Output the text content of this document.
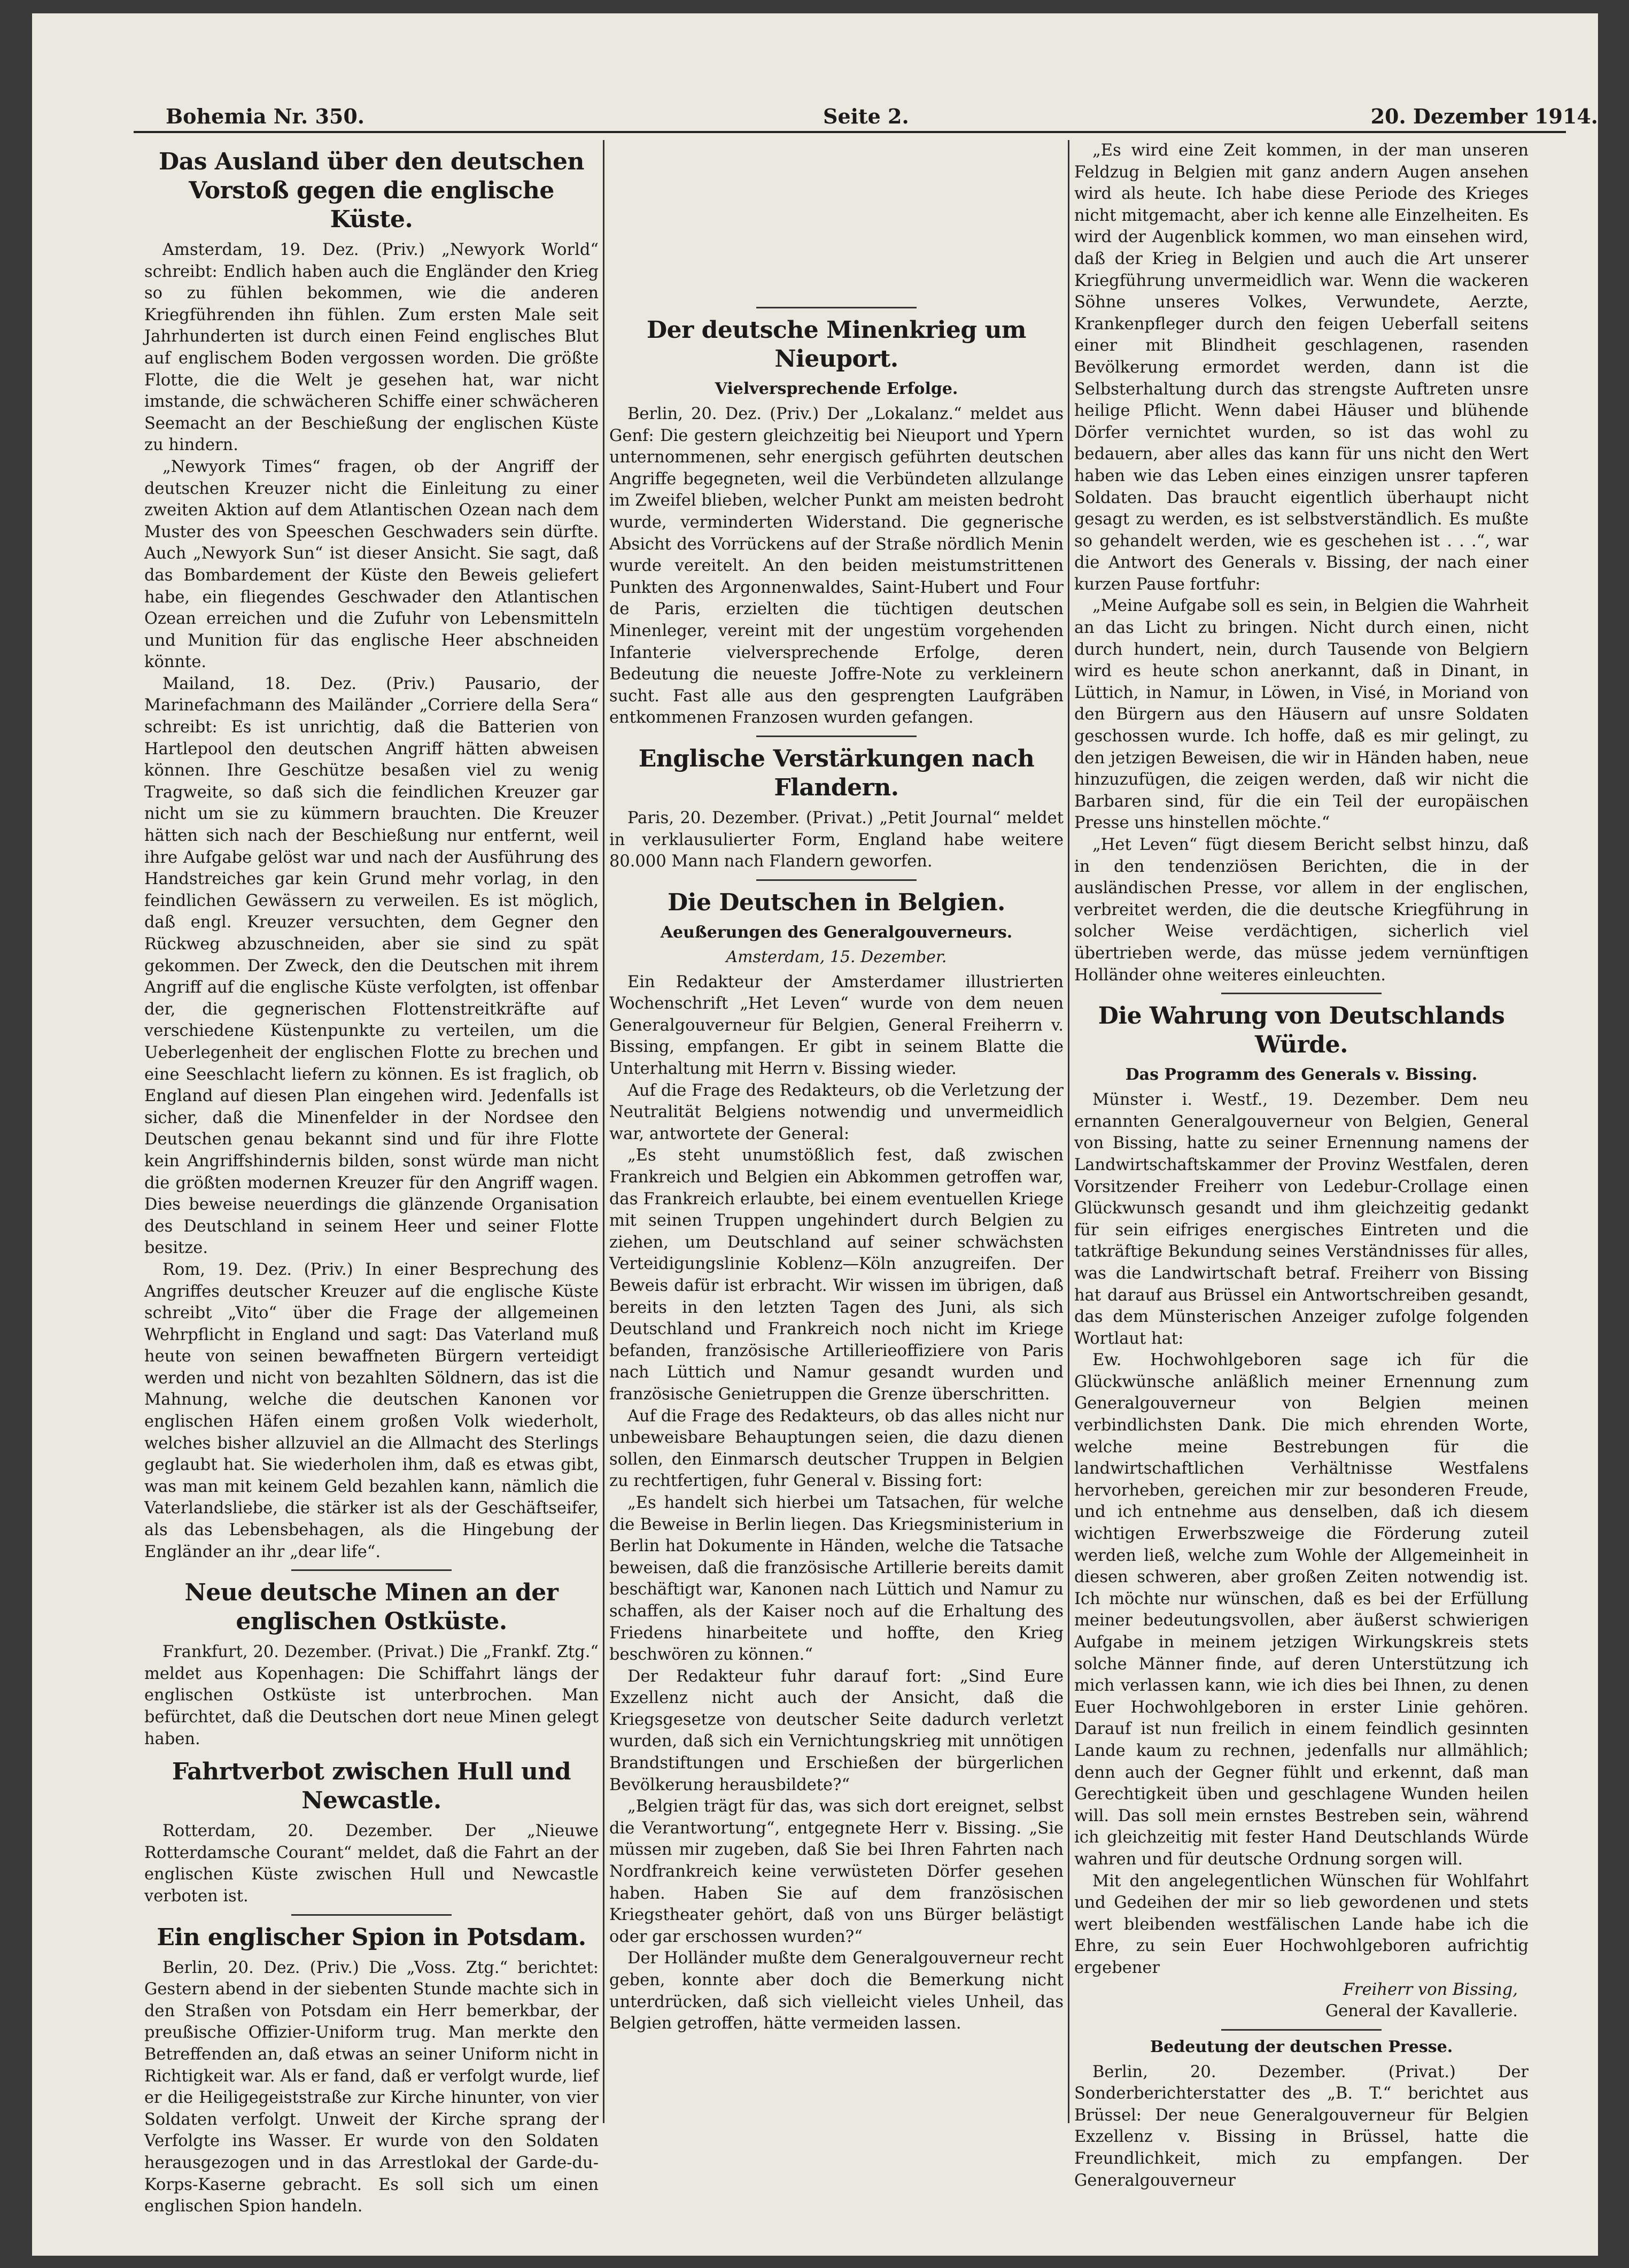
Bohemia Nr. 350.	Seite 2.	20. Dezember 1914.
Das Ausland über den deutschen Vorstoß gegen die englische Küste.

Amsterdam, 19. Dez. (Priv.) „Newyork World“ schreibt: Endlich haben auch die Engländer den Krieg so zu fühlen bekommen, wie die anderen Kriegführenden ihn fühlen. Zum ersten Male seit Jahrhunderten ist durch einen Feind englisches Blut auf englischem Boden vergossen worden. Die größte Flotte, die die Welt je gesehen hat, war nicht imstande, die schwächeren Schiffe einer schwächeren Seemacht an der Beschießung der englischen Küste zu hindern.

„Newyork Times“ fragen, ob der Angriff der deutschen Kreuzer nicht die Einleitung zu einer zweiten Aktion auf dem Atlantischen Ozean nach dem Muster des von Speeschen Geschwaders sein dürfte. Auch „Newyork Sun“ ist dieser Ansicht. Sie sagt, daß das Bombardement der Küste den Beweis geliefert habe, ein fliegendes Geschwader den Atlantischen Ozean erreichen und die Zufuhr von Lebensmitteln und Munition für das englische Heer abschneiden könnte.

Mailand, 18. Dez. (Priv.) Pausario, der Marinefachmann des Mailänder „Corriere della Sera“ schreibt: Es ist unrichtig, daß die Batterien von Hartlepool den deutschen Angriff hätten abweisen können. Ihre Geschütze besaßen viel zu wenig Tragweite, so daß sich die feindlichen Kreuzer gar nicht um sie zu kümmern brauchten. Die Kreuzer hätten sich nach der Beschießung nur entfernt, weil ihre Aufgabe gelöst war und nach der Ausführung des Handstreiches gar kein Grund mehr vorlag, in den feindlichen Gewässern zu verweilen. Es ist möglich, daß engl. Kreuzer versuchten, dem Gegner den Rückweg abzuschneiden, aber sie sind zu spät gekommen. Der Zweck, den die Deutschen mit ihrem Angriff auf die englische Küste verfolgten, ist offenbar der, die gegnerischen Flottenstreitkräfte auf verschiedene Küstenpunkte zu verteilen, um die Ueberlegenheit der englischen Flotte zu brechen und eine Seeschlacht liefern zu können. Es ist fraglich, ob England auf diesen Plan eingehen wird. Jedenfalls ist sicher, daß die Minenfelder in der Nordsee den Deutschen genau bekannt sind und für ihre Flotte kein Angriffshindernis bilden, sonst würde man nicht die größten modernen Kreuzer für den Angriff wagen. Dies beweise neuerdings die glänzende Organisation des Deutschland in seinem Heer und seiner Flotte besitze.

Rom, 19. Dez. (Priv.) In einer Besprechung des Angriffes deutscher Kreuzer auf die englische Küste schreibt „Vito“ über die Frage der allgemeinen Wehrpflicht in England und sagt: Das Vaterland muß heute von seinen bewaffneten Bürgern verteidigt werden und nicht von bezahlten Söldnern, das ist die Mahnung, welche die deutschen Kanonen vor englischen Häfen einem großen Volk wiederholt, welches bisher allzuviel an die Allmacht des Sterlings geglaubt hat. Sie wiederholen ihm, daß es etwas gibt, was man mit keinem Geld bezahlen kann, nämlich die Vaterlandsliebe, die stärker ist als der Geschäftseifer, als das Lebensbehagen, als die Hingebung der Engländer an ihr „dear life“.

Neue deutsche Minen an der englischen Ostküste.

Frankfurt, 20. Dezember. (Privat.) Die „Frankf. Ztg.“ meldet aus Kopenhagen: Die Schiffahrt längs der englischen Ostküste ist unterbrochen. Man befürchtet, daß die Deutschen dort neue Minen gelegt haben.

Fahrtverbot zwischen Hull und Newcastle.

Rotterdam, 20. Dezember. Der „Nieuwe Rotterdamsche Courant“ meldet, daß die Fahrt an der englischen Küste zwischen Hull und Newcastle verboten ist.

Ein englischer Spion in Potsdam.

Berlin, 20. Dez. (Priv.) Die „Voss. Ztg.“ berichtet: Gestern abend in der siebenten Stunde machte sich in den Straßen von Potsdam ein Herr bemerkbar, der preußische Offizier-Uniform trug. Man merkte den Betreffenden an, daß etwas an seiner Uniform nicht in Richtigkeit war. Als er fand, daß er verfolgt wurde, lief er die Heiligegeiststraße zur Kirche hinunter, von vier Soldaten verfolgt. Unweit der Kirche sprang der Verfolgte ins Wasser. Er wurde von den Soldaten herausgezogen und in das Arrestlokal der Garde-du-Korps-Kaserne gebracht. Es soll sich um einen englischen Spion handeln.

Der deutsche Minenkrieg um Nieuport.
Vielversprechende Erfolge.

Berlin, 20. Dez. (Priv.) Der „Lokalanz.“ meldet aus Genf: Die gestern gleichzeitig bei Nieuport und Ypern unternommenen, sehr energisch geführten deutschen Angriffe begegneten, weil die Verbündeten allzulange im Zweifel blieben, welcher Punkt am meisten bedroht wurde, verminderten Widerstand. Die gegnerische Absicht des Vorrückens auf der Straße nördlich Menin wurde vereitelt. An den beiden meistumstrittenen Punkten des Argonnenwaldes, Saint-Hubert und Four de Paris, erzielten die tüchtigen deutschen Minenleger, vereint mit der ungestüm vorgehenden Infanterie vielversprechende Erfolge, deren Bedeutung die neueste Joffre-Note zu verkleinern sucht. Fast alle aus den gesprengten Laufgräben entkommenen Franzosen wurden gefangen.

Englische Verstärkungen nach Flandern.

Paris, 20. Dezember. (Privat.) „Petit Journal“ meldet in verklausulierter Form, England habe weitere 80.000 Mann nach Flandern geworfen.

Die Deutschen in Belgien.
Aeußerungen des Generalgouverneurs.
Amsterdam, 15. Dezember.

Ein Redakteur der Amsterdamer illustrierten Wochenschrift „Het Leven“ wurde von dem neuen Generalgouverneur für Belgien, General Freiherrn v. Bissing, empfangen. Er gibt in seinem Blatte die Unterhaltung mit Herrn v. Bissing wieder.

Auf die Frage des Redakteurs, ob die Verletzung der Neutralität Belgiens notwendig und unvermeidlich war, antwortete der General:

„Es steht unumstößlich fest, daß zwischen Frankreich und Belgien ein Abkommen getroffen war, das Frankreich erlaubte, bei einem eventuellen Kriege mit seinen Truppen ungehindert durch Belgien zu ziehen, um Deutschland auf seiner schwächsten Verteidigungslinie Koblenz—Köln anzugreifen. Der Beweis dafür ist erbracht. Wir wissen im übrigen, daß bereits in den letzten Tagen des Juni, als sich Deutschland und Frankreich noch nicht im Kriege befanden, französische Artillerieoffiziere von Paris nach Lüttich und Namur gesandt wurden und französische Genietruppen die Grenze überschritten.

Auf die Frage des Redakteurs, ob das alles nicht nur unbeweisbare Behauptungen seien, die dazu dienen sollen, den Einmarsch deutscher Truppen in Belgien zu rechtfertigen, fuhr General v. Bissing fort:

„Es handelt sich hierbei um Tatsachen, für welche die Beweise in Berlin liegen. Das Kriegsministerium in Berlin hat Dokumente in Händen, welche die Tatsache beweisen, daß die französische Artillerie bereits damit beschäftigt war, Kanonen nach Lüttich und Namur zu schaffen, als der Kaiser noch auf die Erhaltung des Friedens hinarbeitete und hoffte, den Krieg beschwören zu können.“

Der Redakteur fuhr darauf fort: „Sind Eure Exzellenz nicht auch der Ansicht, daß die Kriegsgesetze von deutscher Seite dadurch verletzt wurden, daß sich ein Vernichtungskrieg mit unnötigen Brandstiftungen und Erschießen der bürgerlichen Bevölkerung herausbildete?“

„Belgien trägt für das, was sich dort ereignet, selbst die Verantwortung“, entgegnete Herr v. Bissing. „Sie müssen mir zugeben, daß Sie bei Ihren Fahrten nach Nordfrankreich keine verwüsteten Dörfer gesehen haben. Haben Sie auf dem französischen Kriegstheater gehört, daß von uns Bürger belästigt oder gar erschossen wurden?“

Der Holländer mußte dem Generalgouverneur recht geben, konnte aber doch die Bemerkung nicht unterdrücken, daß sich vielleicht vieles Unheil, das Belgien getroffen, hätte vermeiden lassen.

„Es wird eine Zeit kommen, in der man unseren Feldzug in Belgien mit ganz andern Augen ansehen wird als heute. Ich habe diese Periode des Krieges nicht mitgemacht, aber ich kenne alle Einzelheiten. Es wird der Augenblick kommen, wo man einsehen wird, daß der Krieg in Belgien und auch die Art unserer Kriegführung unvermeidlich war. Wenn die wackeren Söhne unseres Volkes, Verwundete, Aerzte, Krankenpfleger durch den feigen Ueberfall seitens einer mit Blindheit geschlagenen, rasenden Bevölkerung ermordet werden, dann ist die Selbsterhaltung durch das strengste Auftreten unsre heilige Pflicht. Wenn dabei Häuser und blühende Dörfer vernichtet wurden, so ist das wohl zu bedauern, aber alles das kann für uns nicht den Wert haben wie das Leben eines einzigen unsrer tapferen Soldaten. Das braucht eigentlich überhaupt nicht gesagt zu werden, es ist selbstverständlich. Es mußte so gehandelt werden, wie es geschehen ist . . .“, war die Antwort des Generals v. Bissing, der nach einer kurzen Pause fortfuhr:

„Meine Aufgabe soll es sein, in Belgien die Wahrheit an das Licht zu bringen. Nicht durch einen, nicht durch hundert, nein, durch Tausende von Belgiern wird es heute schon anerkannt, daß in Dinant, in Lüttich, in Namur, in Löwen, in Visé, in Moriand von den Bürgern aus den Häusern auf unsre Soldaten geschossen wurde. Ich hoffe, daß es mir gelingt, zu den jetzigen Beweisen, die wir in Händen haben, neue hinzuzufügen, die zeigen werden, daß wir nicht die Barbaren sind, für die ein Teil der europäischen Presse uns hinstellen möchte.“

„Het Leven“ fügt diesem Bericht selbst hinzu, daß in den tendenziösen Berichten, die in der ausländischen Presse, vor allem in der englischen, verbreitet werden, die die deutsche Kriegführung in solcher Weise verdächtigen, sicherlich viel übertrieben werde, das müsse jedem vernünftigen Holländer ohne weiteres einleuchten.

Die Wahrung von Deutschlands Würde.
Das Programm des Generals v. Bissing.

Münster i. Westf., 19. Dezember. Dem neu ernannten Generalgouverneur von Belgien, General von Bissing, hatte zu seiner Ernennung namens der Landwirtschaftskammer der Provinz Westfalen, deren Vorsitzender Freiherr von Ledebur-Crollage einen Glückwunsch gesandt und ihm gleichzeitig gedankt für sein eifriges energisches Eintreten und die tatkräftige Bekundung seines Verständnisses für alles, was die Landwirtschaft betraf. Freiherr von Bissing hat darauf aus Brüssel ein Antwortschreiben gesandt, das dem Münsterischen Anzeiger zufolge folgenden Wortlaut hat:

Ew. Hochwohlgeboren sage ich für die Glückwünsche anläßlich meiner Ernennung zum Generalgouverneur von Belgien meinen verbindlichsten Dank. Die mich ehrenden Worte, welche meine Bestrebungen für die landwirtschaftlichen Verhältnisse Westfalens hervorheben, gereichen mir zur besonderen Freude, und ich entnehme aus denselben, daß ich diesem wichtigen Erwerbszweige die Förderung zuteil werden ließ, welche zum Wohle der Allgemeinheit in diesen schweren, aber großen Zeiten notwendig ist. Ich möchte nur wünschen, daß es bei der Erfüllung meiner bedeutungsvollen, aber äußerst schwierigen Aufgabe in meinem jetzigen Wirkungskreis stets solche Männer finde, auf deren Unterstützung ich mich verlassen kann, wie ich dies bei Ihnen, zu denen Euer Hochwohlgeboren in erster Linie gehören. Darauf ist nun freilich in einem feindlich gesinnten Lande kaum zu rechnen, jedenfalls nur allmählich; denn auch der Gegner fühlt und erkennt, daß man Gerechtigkeit üben und geschlagene Wunden heilen will. Das soll mein ernstes Bestreben sein, während ich gleichzeitig mit fester Hand Deutschlands Würde wahren und für deutsche Ordnung sorgen will.

Mit den angelegentlichen Wünschen für Wohlfahrt und Gedeihen der mir so lieb gewordenen und stets wert bleibenden westfälischen Lande habe ich die Ehre, zu sein Euer Hochwohlgeboren aufrichtig ergebener

Freiherr von Bissing,
General der Kavallerie.
Bedeutung der deutschen Presse.

Berlin, 20. Dezember. (Privat.) Der Sonderberichterstatter des „B. T.“ berichtet aus Brüssel: Der neue Generalgouverneur für Belgien Exzellenz v. Bissing in Brüssel, hatte die Freundlichkeit, mich zu empfangen. Der Generalgouverneur
